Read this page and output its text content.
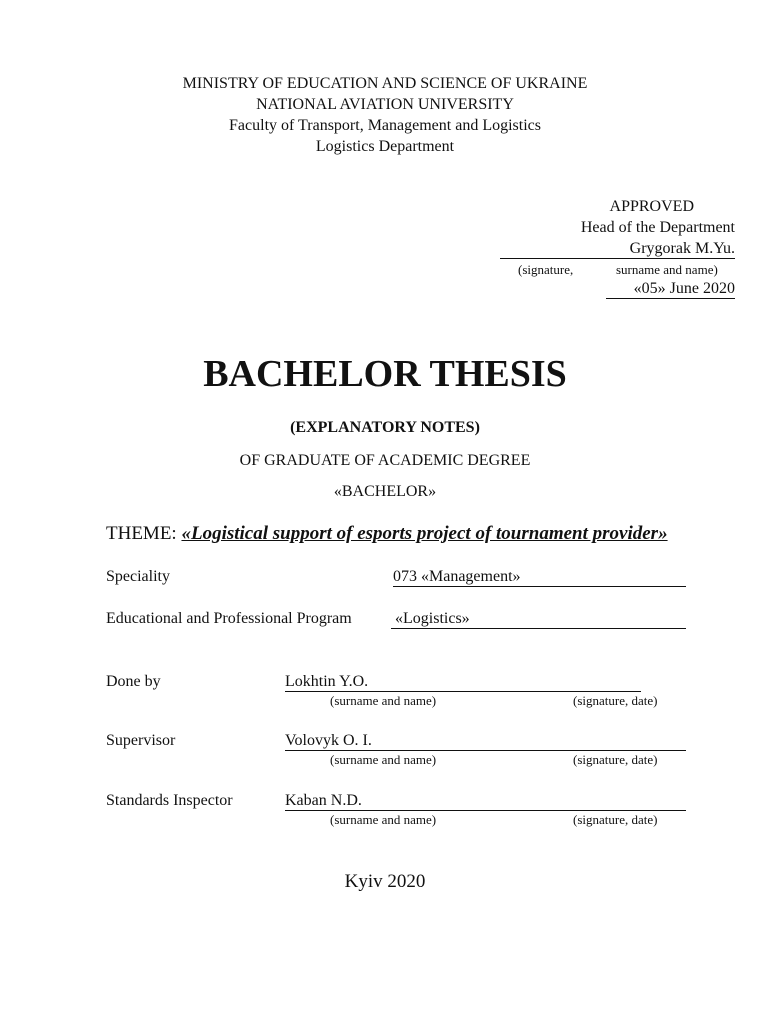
MINISTRY OF EDUCATION AND SCIENCE OF UKRAINE
NATIONAL AVIATION UNIVERSITY
Faculty of Transport, Management and Logistics
Logistics Department
APPROVED
Head of the Department
Grygorak M.Yu.
(signature,	surname and name)
«05» June 2020
BACHELOR THESIS
(EXPLANATORY NOTES)
OF GRADUATE OF ACADEMIC DEGREE
«BACHELOR»
THEME: «Logistical support of esports project of tournament provider»
Speciality	073 «Management»
Educational and Professional Program	«Logistics»
Done by	Lokhtin Y.O.
(surname and name)	(signature, date)
Supervisor	Volovyk O. I.
(surname and name)	(signature, date)
Standards Inspector	Kaban N.D.
(surname and name)	(signature, date)
Kyiv 2020
